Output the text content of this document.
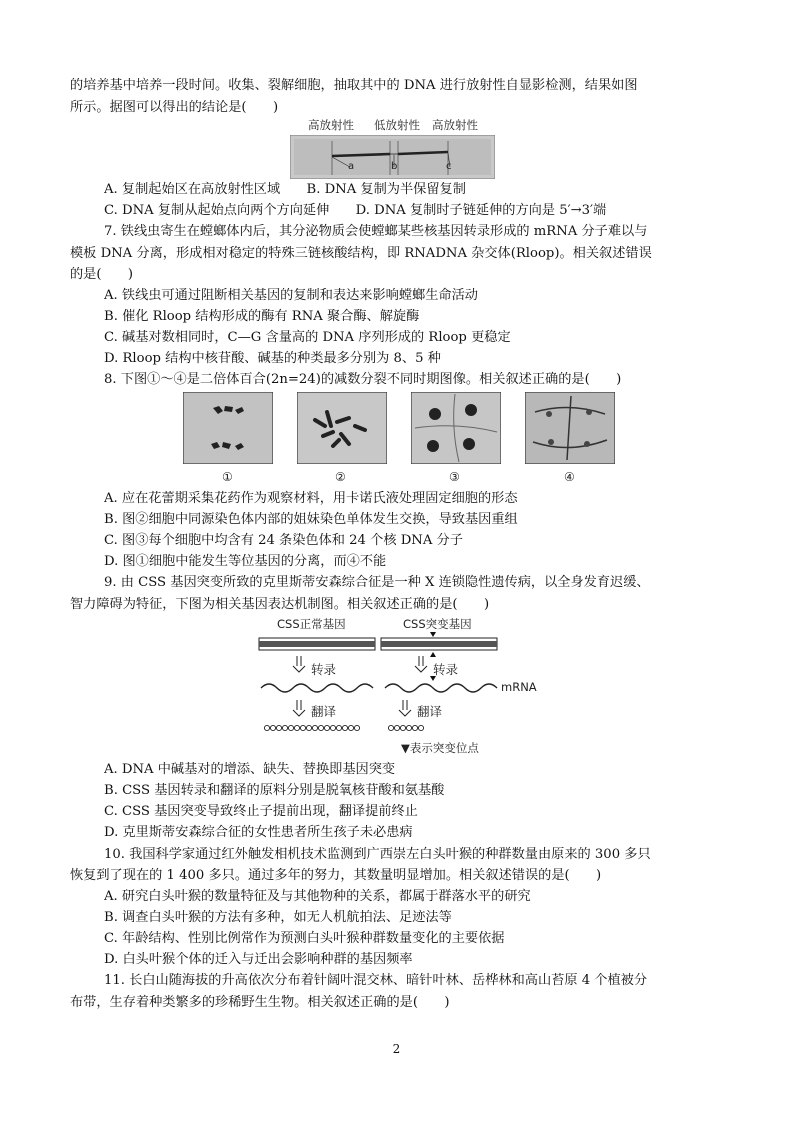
的培养基中培养一段时间。收集、裂解细胞，抽取其中的 DNA 进行放射性自显影检测，结果如图
所示。据图可以得出的结论是(　　)
高放射性 低放射性 高放射性
a	b	c
A. 复制起始区在高放射性区域　　B. DNA 复制为半保留复制
C. DNA 复制从起始点向两个方向延伸　　D. DNA 复制时子链延伸的方向是 5′→3′端
7. 铁线虫寄生在螳螂体内后，其分泌物质会使螳螂某些核基因转录形成的 mRNA 分子难以与
模板 DNA 分离，形成相对稳定的特殊三链核酸结构，即 RNADNA 杂交体(Rloop)。相关叙述错误
的是(　　)
A. 铁线虫可通过阻断相关基因的复制和表达来影响螳螂生命活动
B. 催化 Rloop 结构形成的酶有 RNA 聚合酶、解旋酶
C. 碱基对数相同时，C—G 含量高的 DNA 序列形成的 Rloop 更稳定
D. Rloop 结构中核苷酸、碱基的种类最多分别为 8、5 种
8. 下图①～④是二倍体百合(2n=24)的减数分裂不同时期图像。相关叙述正确的是(　　)
①	②	③	④
A. 应在花蕾期采集花药作为观察材料，用卡诺氏液处理固定细胞的形态
B. 图②细胞中同源染色体内部的姐妹染色单体发生交换，导致基因重组
C. 图③每个细胞中均含有 24 条染色体和 24 个核 DNA 分子
D. 图①细胞中能发生等位基因的分离，而④不能
9. 由 CSS 基因突变所致的克里斯蒂安森综合征是一种 X 连锁隐性遗传病，以全身发育迟缓、
智力障碍为特征，下图为相关基因表达机制图。相关叙述正确的是(　　)
CSS正常基因	CSS突变基因
转录	转录
mRNA
翻译	翻译
▼表示突变位点
A. DNA 中碱基对的增添、缺失、替换即基因突变
B. CSS 基因转录和翻译的原料分别是脱氧核苷酸和氨基酸
C. CSS 基因突变导致终止子提前出现，翻译提前终止
D. 克里斯蒂安森综合征的女性患者所生孩子未必患病
10. 我国科学家通过红外触发相机技术监测到广西崇左白头叶猴的种群数量由原来的 300 多只
恢复到了现在的 1 400 多只。通过多年的努力，其数量明显增加。相关叙述错误的是(　　)
A. 研究白头叶猴的数量特征及与其他物种的关系，都属于群落水平的研究
B. 调查白头叶猴的方法有多种，如无人机航拍法、足迹法等
C. 年龄结构、性别比例常作为预测白头叶猴种群数量变化的主要依据
D. 白头叶猴个体的迁入与迁出会影响种群的基因频率
11. 长白山随海拔的升高依次分布着针阔叶混交林、暗针叶林、岳桦林和高山苔原 4 个植被分
布带，生存着种类繁多的珍稀野生生物。相关叙述正确的是(　　)
2
